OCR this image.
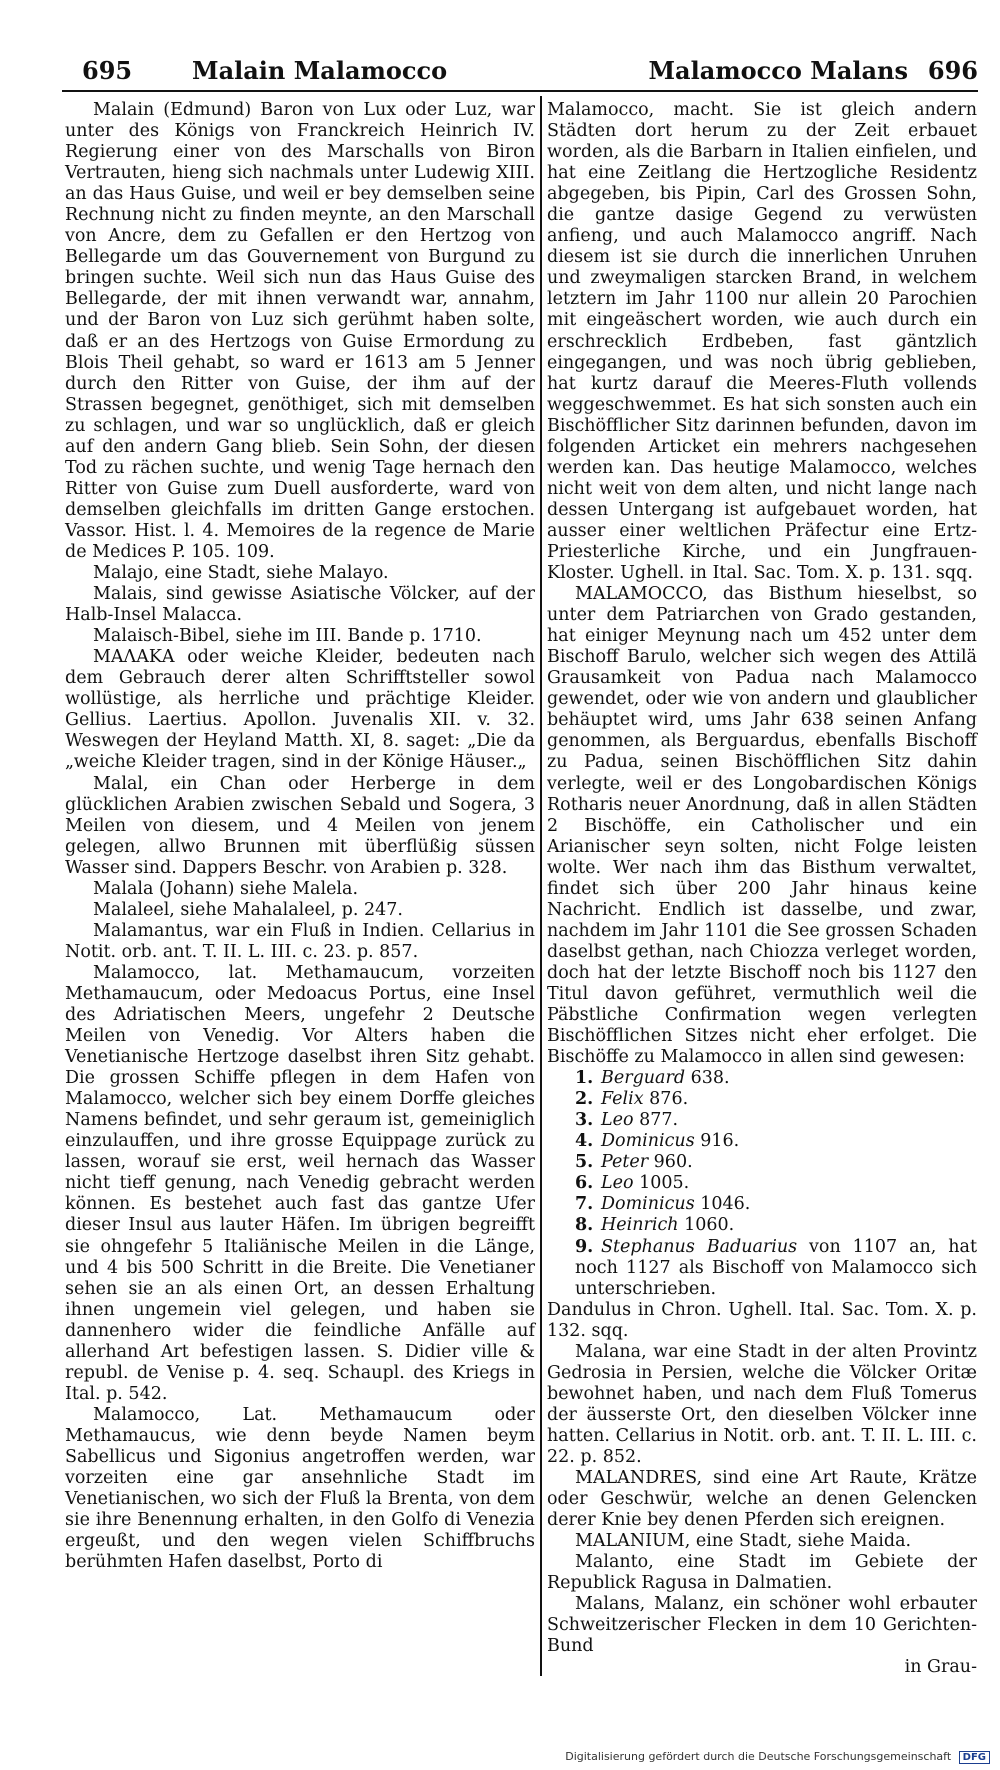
695 Malain Malamocco	Malamocco Malans 696

Malain (Edmund) Baron von Lux oder Luz, war unter des Königs von Franckreich Heinrich IV. Regierung einer von des Marschalls von Biron Vertrauten, hieng sich nachmals unter Ludewig XIII. an das Haus Guise, und weil er bey demselben seine Rechnung nicht zu finden meynte, an den Marschall von Ancre, dem zu Gefallen er den Hertzog von Bellegarde um das Gouvernement von Burgund zu bringen suchte. Weil sich nun das Haus Guise des Bellegarde, der mit ihnen verwandt war, annahm, und der Baron von Luz sich gerühmt haben solte, daß er an des Hertzogs von Guise Ermordung zu Blois Theil gehabt, so ward er 1613 am 5 Jenner durch den Ritter von Guise, der ihm auf der Strassen begegnet, genöthiget, sich mit demselben zu schlagen, und war so unglücklich, daß er gleich auf den andern Gang blieb. Sein Sohn, der diesen Tod zu rächen suchte, und wenig Tage hernach den Ritter von Guise zum Duell ausforderte, ward von demselben gleichfalls im dritten Gange erstochen. Vassor. Hist. l. 4. Memoires de la regence de Marie de Medices P. 105. 109.

Malajo, eine Stadt, siehe Malayo.

Malais, sind gewisse Asiatische Völcker, auf der Halb-Insel Malacca.

Malaisch-Bibel, siehe im III. Bande p. 1710.

ΜΑΛΑΚΑ oder weiche Kleider, bedeuten nach dem Gebrauch derer alten Schrifftsteller sowol wollüstige, als herrliche und prächtige Kleider. Gellius. Laertius. Apollon. Juvenalis XII. v. 32. Weswegen der Heyland Matth. XI, 8. saget: „Die da „weiche Kleider tragen, sind in der Könige Häuser.„

Malal, ein Chan oder Herberge in dem glücklichen Arabien zwischen Sebald und Sogera, 3 Meilen von diesem, und 4 Meilen von jenem gelegen, allwo Brunnen mit überflüßig süssen Wasser sind. Dappers Beschr. von Arabien p. 328.

Malala (Johann) siehe Malela.

Malaleel, siehe Mahalaleel, p. 247.

Malamantus, war ein Fluß in Indien. Cellarius in Notit. orb. ant. T. II. L. III. c. 23. p. 857.

Malamocco, lat. Methamaucum, vorzeiten Methamaucum, oder Medoacus Portus, eine Insel des Adriatischen Meers, ungefehr 2 Deutsche Meilen von Venedig. Vor Alters haben die Venetianische Hertzoge daselbst ihren Sitz gehabt. Die grossen Schiffe pflegen in dem Hafen von Malamocco, welcher sich bey einem Dorffe gleiches Namens befindet, und sehr geraum ist, gemeiniglich einzulauffen, und ihre grosse Equippage zurück zu lassen, worauf sie erst, weil hernach das Wasser nicht tieff genung, nach Venedig gebracht werden können. Es bestehet auch fast das gantze Ufer dieser Insul aus lauter Häfen. Im übrigen begreifft sie ohngefehr 5 Italiänische Meilen in die Länge, und 4 bis 500 Schritt in die Breite. Die Venetianer sehen sie an als einen Ort, an dessen Erhaltung ihnen ungemein viel gelegen, und haben sie dannenhero wider die feindliche Anfälle auf allerhand Art befestigen lassen. S. Didier ville & republ. de Venise p. 4. seq. Schaupl. des Kriegs in Ital. p. 542.

Malamocco, Lat. Methamaucum oder Methamaucus, wie denn beyde Namen beym Sabellicus und Sigonius angetroffen werden, war vorzeiten eine gar ansehnliche Stadt im Venetianischen, wo sich der Fluß la Brenta, von dem sie ihre Benennung erhalten, in den Golfo di Venezia ergeußt, und den wegen vielen Schiffbruchs berühmten Hafen daselbst, Porto di

Malamocco, macht. Sie ist gleich andern Städten dort herum zu der Zeit erbauet worden, als die Barbarn in Italien einfielen, und hat eine Zeitlang die Hertzogliche Residentz abgegeben, bis Pipin, Carl des Grossen Sohn, die gantze dasige Gegend zu verwüsten anfieng, und auch Malamocco angriff. Nach diesem ist sie durch die innerlichen Unruhen und zweymaligen starcken Brand, in welchem letztern im Jahr 1100 nur allein 20 Parochien mit eingeäschert worden, wie auch durch ein erschrecklich Erdbeben, fast gäntzlich eingegangen, und was noch übrig geblieben, hat kurtz darauf die Meeres-Fluth vollends weggeschwemmet. Es hat sich sonsten auch ein Bischöfflicher Sitz darinnen befunden, davon im folgenden Articket ein mehrers nachgesehen werden kan. Das heutige Malamocco, welches nicht weit von dem alten, und nicht lange nach dessen Untergang ist aufgebauet worden, hat ausser einer weltlichen Präfectur eine Ertz-Priesterliche Kirche, und ein Jungfrauen-Kloster. Ughell. in Ital. Sac. Tom. X. p. 131. sqq.

MALAMOCCO, das Bisthum hieselbst, so unter dem Patriarchen von Grado gestanden, hat einiger Meynung nach um 452 unter dem Bischoff Barulo, welcher sich wegen des Attilä Grausamkeit von Padua nach Malamocco gewendet, oder wie von andern und glaublicher behäuptet wird, ums Jahr 638 seinen Anfang genommen, als Berguardus, ebenfalls Bischoff zu Padua, seinen Bischöfflichen Sitz dahin verlegte, weil er des Longobardischen Königs Rotharis neuer Anordnung, daß in allen Städten 2 Bischöffe, ein Catholischer und ein Arianischer seyn solten, nicht Folge leisten wolte. Wer nach ihm das Bisthum verwaltet, findet sich über 200 Jahr hinaus keine Nachricht. Endlich ist dasselbe, und zwar, nachdem im Jahr 1101 die See grossen Schaden daselbst gethan, nach Chiozza verleget worden, doch hat der letzte Bischoff noch bis 1127 den Titul davon geführet, vermuthlich weil die Päbstliche Confirmation wegen verlegten Bischöfflichen Sitzes nicht eher erfolget. Die Bischöffe zu Malamocco in allen sind gewesen:

1. Berguard 638.
2. Felix 876.
3. Leo 877.
4. Dominicus 916.
5. Peter 960.
6. Leo 1005.
7. Dominicus 1046.
8. Heinrich 1060.
9. Stephanus Baduarius von 1107 an, hat noch 1127 als Bischoff von Malamocco sich unterschrieben.

Dandulus in Chron. Ughell. Ital. Sac. Tom. X. p. 132. sqq.

Malana, war eine Stadt in der alten Provintz Gedrosia in Persien, welche die Völcker Oritæ bewohnet haben, und nach dem Fluß Tomerus der äusserste Ort, den dieselben Völcker inne hatten. Cellarius in Notit. orb. ant. T. II. L. III. c. 22. p. 852.

MALANDRES, sind eine Art Raute, Krätze oder Geschwür, welche an denen Gelencken derer Knie bey denen Pferden sich ereignen.

MALANIUM, eine Stadt, siehe Maida.

Malanto, eine Stadt im Gebiete der Republick Ragusa in Dalmatien.

Malans, Malanz, ein schöner wohl erbauter Schweitzerischer Flecken in dem 10 Gerichten-Bund

in Grau-

Digitalisierung gefördert durch die Deutsche Forschungsgemeinschaft DFG
